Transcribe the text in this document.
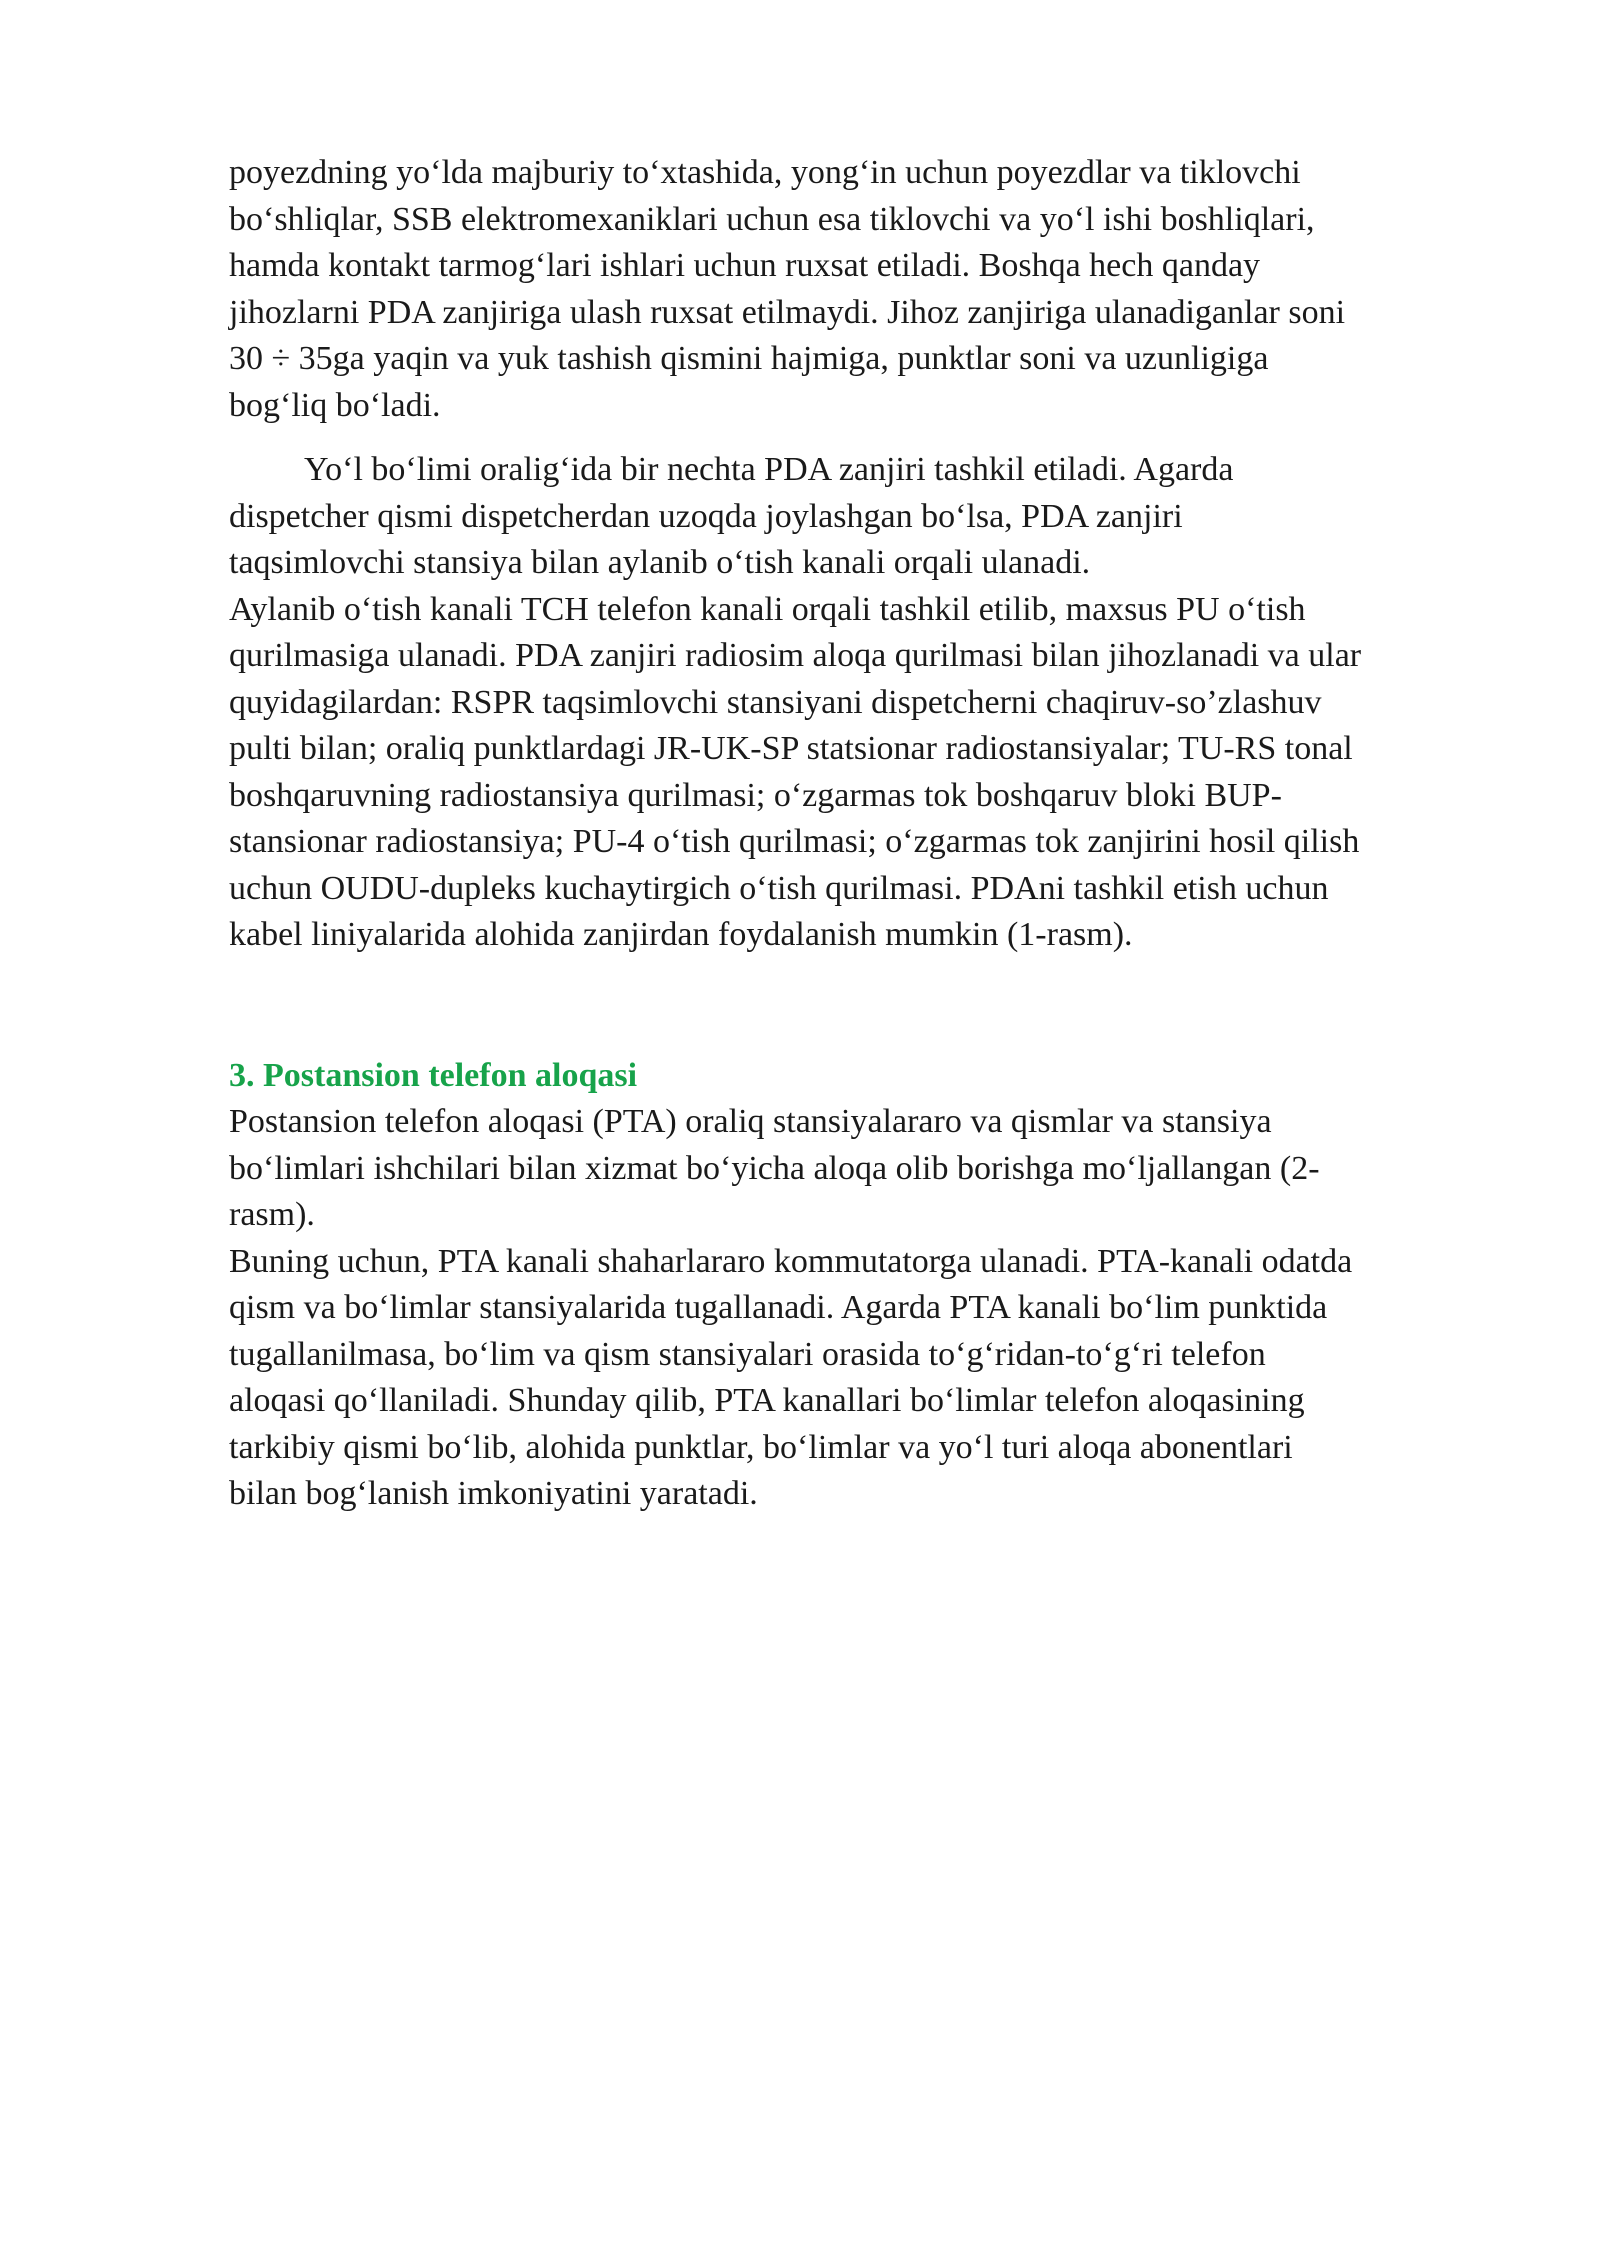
poyezdning yo‘lda majburiy to‘xtashida, yong‘in uchun poyezdlar va tiklovchi
bo‘shliqlar, SSB elektromexaniklari uchun esa tiklovchi va yo‘l ishi boshliqlari,
hamda kontakt tarmog‘lari ishlari uchun ruxsat etiladi. Boshqa hech qanday
jihozlarni PDA zanjiriga ulash ruxsat etilmaydi. Jihoz zanjiriga ulanadiganlar soni
30 ÷ 35ga yaqin va yuk tashish qismini hajmiga, punktlar soni va uzunligiga
bog‘liq bo‘ladi.

Yo‘l bo‘limi oralig‘ida bir nechta PDA zanjiri tashkil etiladi. Agarda
dispetcher qismi dispetcherdan uzoqda joylashgan bo‘lsa, PDA zanjiri
taqsimlovchi stansiya bilan aylanib o‘tish kanali orqali ulanadi.

Aylanib o‘tish kanali TCH telefon kanali orqali tashkil etilib, maxsus PU o‘tish
qurilmasiga ulanadi. PDA zanjiri radiosim aloqa qurilmasi bilan jihozlanadi va ular
quyidagilardan: RSPR taqsimlovchi stansiyani dispetcherni chaqiruv-so’zlashuv
pulti bilan; oraliq punktlardagi JR-UK-SP statsionar radiostansiyalar; TU-RS tonal
boshqaruvning radiostansiya qurilmasi; o‘zgarmas tok boshqaruv bloki BUP-
stansionar radiostansiya; PU-4 o‘tish qurilmasi; o‘zgarmas tok zanjirini hosil qilish
uchun OUDU-dupleks kuchaytirgich o‘tish qurilmasi. PDAni tashkil etish uchun
kabel liniyalarida alohida zanjirdan foydalanish mumkin (1-rasm).

3. Postansion telefon aloqasi

Postansion telefon aloqasi (PTA) oraliq stansiyalararo va qismlar va stansiya
bo‘limlari ishchilari bilan xizmat bo‘yicha aloqa olib borishga mo‘ljallangan (2-
rasm).

Buning uchun, PTA kanali shaharlararo kommutatorga ulanadi. PTA-kanali odatda
qism va bo‘limlar stansiyalarida tugallanadi. Agarda PTA kanali bo‘lim punktida
tugallanilmasa, bo‘lim va qism stansiyalari orasida to‘g‘ridan-to‘g‘ri telefon
aloqasi qo‘llaniladi. Shunday qilib, PTA kanallari bo‘limlar telefon aloqasining
tarkibiy qismi bo‘lib, alohida punktlar, bo‘limlar va yo‘l turi aloqa abonentlari
bilan bog‘lanish imkoniyatini yaratadi.
